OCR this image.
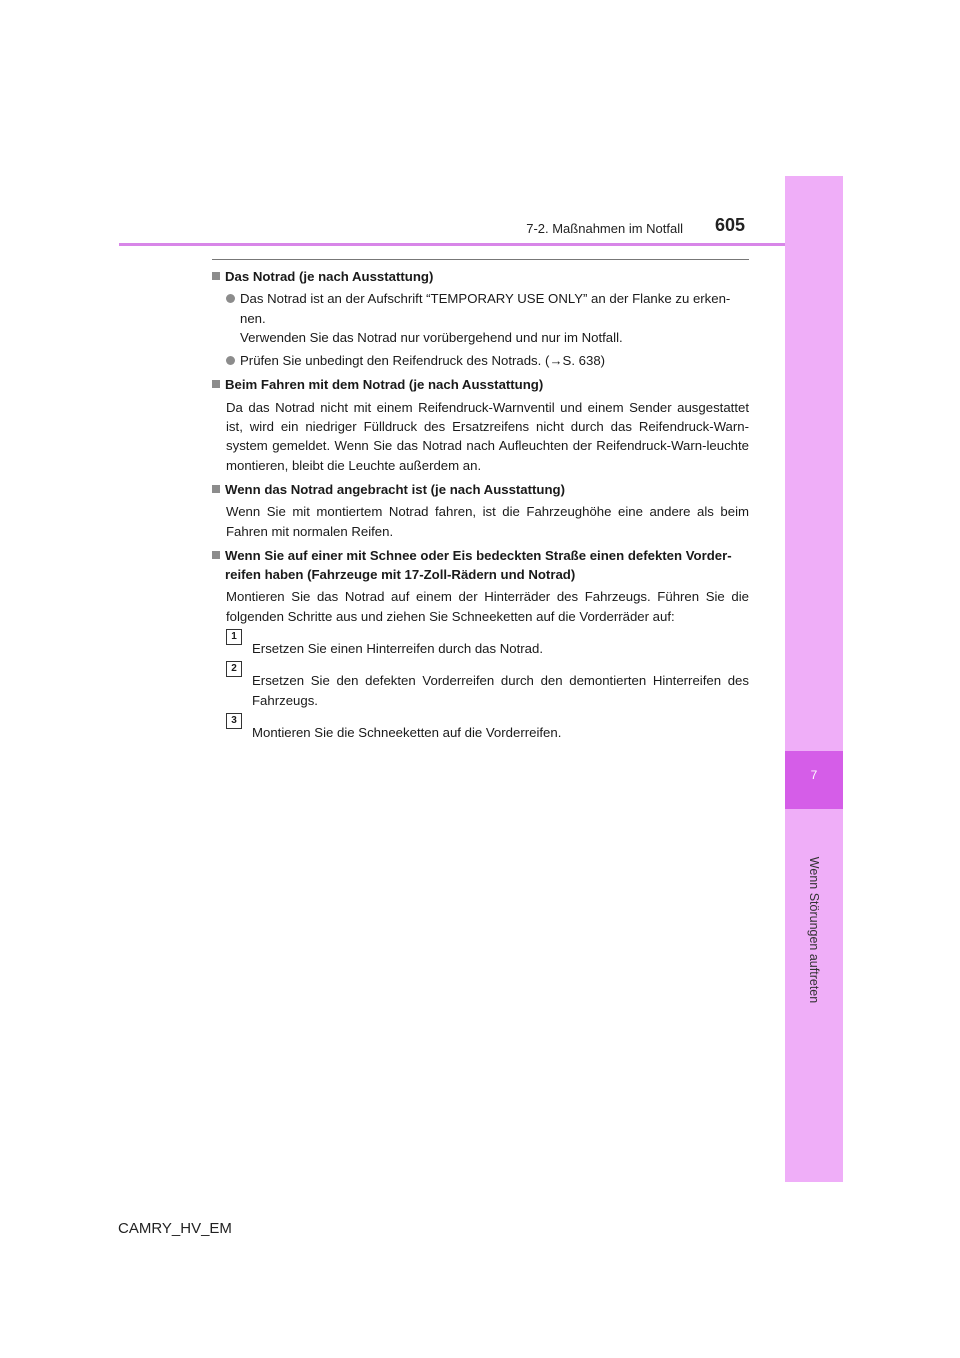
7
Wenn Störungen auftreten
7-2. Maßnahmen im Notfall 605
Das Notrad (je nach Ausstattung)
Das Notrad ist an der Aufschrift “TEMPORARY USE ONLY” an der Flanke zu erken-
nen.
Verwenden Sie das Notrad nur vorübergehend und nur im Notfall.
Prüfen Sie unbedingt den Reifendruck des Notrads. (→S. 638)
Beim Fahren mit dem Notrad (je nach Ausstattung)
Da das Notrad nicht mit einem Reifendruck-Warnventil und einem Sender ausgestattet ist, wird ein niedriger Fülldruck des Ersatzreifens nicht durch das Reifendruck-Warn-system gemeldet. Wenn Sie das Notrad nach Aufleuchten der Reifendruck-Warn-leuchte montieren, bleibt die Leuchte außerdem an.
Wenn das Notrad angebracht ist (je nach Ausstattung)
Wenn Sie mit montiertem Notrad fahren, ist die Fahrzeughöhe eine andere als beim Fahren mit normalen Reifen.
Wenn Sie auf einer mit Schnee oder Eis bedeckten Straße einen defekten Vorder-reifen haben (Fahrzeuge mit 17-Zoll-Rädern und Notrad)
Montieren Sie das Notrad auf einem der Hinterräder des Fahrzeugs. Führen Sie die folgenden Schritte aus und ziehen Sie Schneeketten auf die Vorderräder auf:
1
Ersetzen Sie einen Hinterreifen durch das Notrad.
2
Ersetzen Sie den defekten Vorderreifen durch den demontierten Hinterreifen des Fahrzeugs.
3
Montieren Sie die Schneeketten auf die Vorderreifen.
CAMRY_HV_EM
